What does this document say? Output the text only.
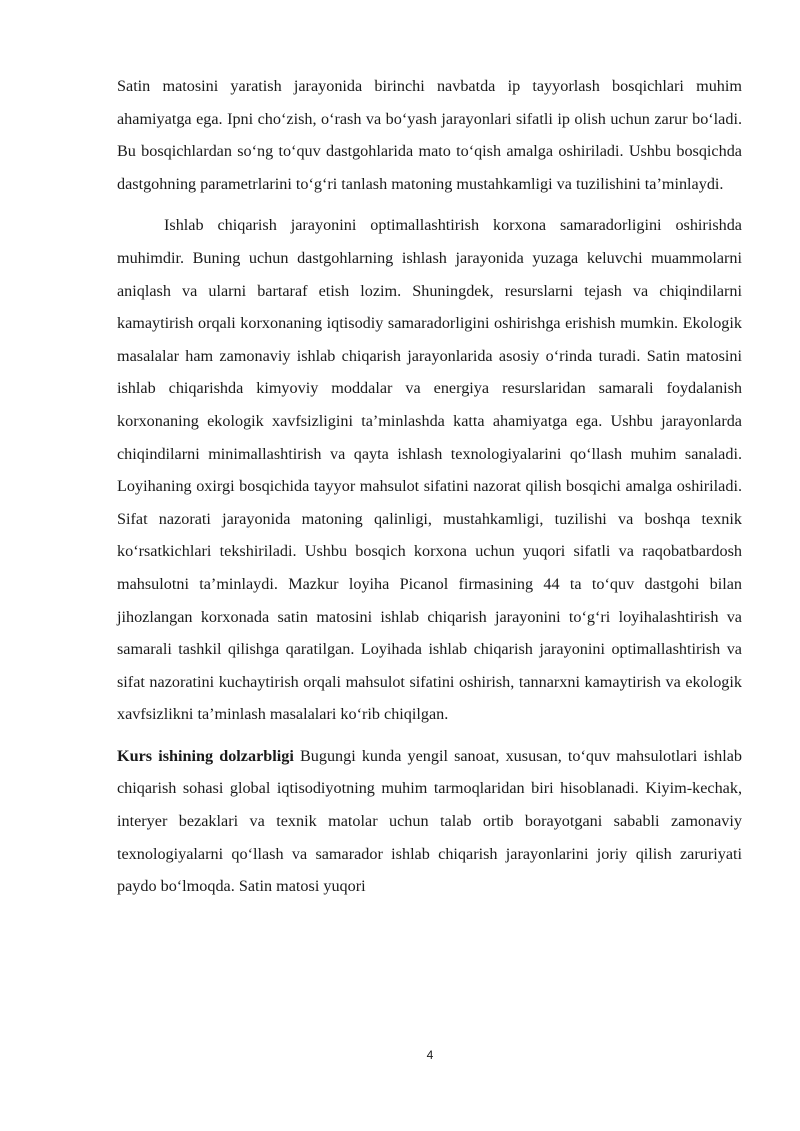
Satin matosini yaratish jarayonida birinchi navbatda ip tayyorlash bosqichlari muhim ahamiyatga ega. Ipni cho‘zish, o‘rash va bo‘yash jarayonlari sifatli ip olish uchun zarur bo‘ladi. Bu bosqichlardan so‘ng to‘quv dastgohlarida mato to‘qish amalga oshiriladi. Ushbu bosqichda dastgohning parametrlarini to‘g‘ri tanlash matoning mustahkamligi va tuzilishini ta’minlaydi.

Ishlab chiqarish jarayonini optimallashtirish korxona samaradorligini oshirishda muhimdir. Buning uchun dastgohlarning ishlash jarayonida yuzaga keluvchi muammolarni aniqlash va ularni bartaraf etish lozim. Shuningdek, resurslarni tejash va chiqindilarni kamaytirish orqali korxonaning iqtisodiy samaradorligini oshirishga erishish mumkin. Ekologik masalalar ham zamonaviy ishlab chiqarish jarayonlarida asosiy o‘rinda turadi. Satin matosini ishlab chiqarishda kimyoviy moddalar va energiya resurslaridan samarali foydalanish korxonaning ekologik xavfsizligini ta’minlashda katta ahamiyatga ega. Ushbu jarayonlarda chiqindilarni minimallashtirish va qayta ishlash texnologiyalarini qo‘llash muhim sanaladi. Loyihaning oxirgi bosqichida tayyor mahsulot sifatini nazorat qilish bosqichi amalga oshiriladi. Sifat nazorati jarayonida matoning qalinligi, mustahkamligi, tuzilishi va boshqa texnik ko‘rsatkichlari tekshiriladi. Ushbu bosqich korxona uchun yuqori sifatli va raqobatbardosh mahsulotni ta’minlaydi. Mazkur loyiha Picanol firmasining 44 ta to‘quv dastgohi bilan jihozlangan korxonada satin matosini ishlab chiqarish jarayonini to‘g‘ri loyihalashtirish va samarali tashkil qilishga qaratilgan. Loyihada ishlab chiqarish jarayonini optimallashtirish va sifat nazoratini kuchaytirish orqali mahsulot sifatini oshirish, tannarxni kamaytirish va ekologik xavfsizlikni ta’minlash masalalari ko‘rib chiqilgan.

Kurs ishining dolzarbligi Bugungi kunda yengil sanoat, xususan, to‘quv mahsulotlari ishlab chiqarish sohasi global iqtisodiyotning muhim tarmoqlaridan biri hisoblanadi. Kiyim-kechak, interyer bezaklari va texnik matolar uchun talab ortib borayotgani sababli zamonaviy texnologiyalarni qo‘llash va samarador ishlab chiqarish jarayonlarini joriy qilish zaruriyati paydo bo‘lmoqda. Satin matosi yuqori

4
